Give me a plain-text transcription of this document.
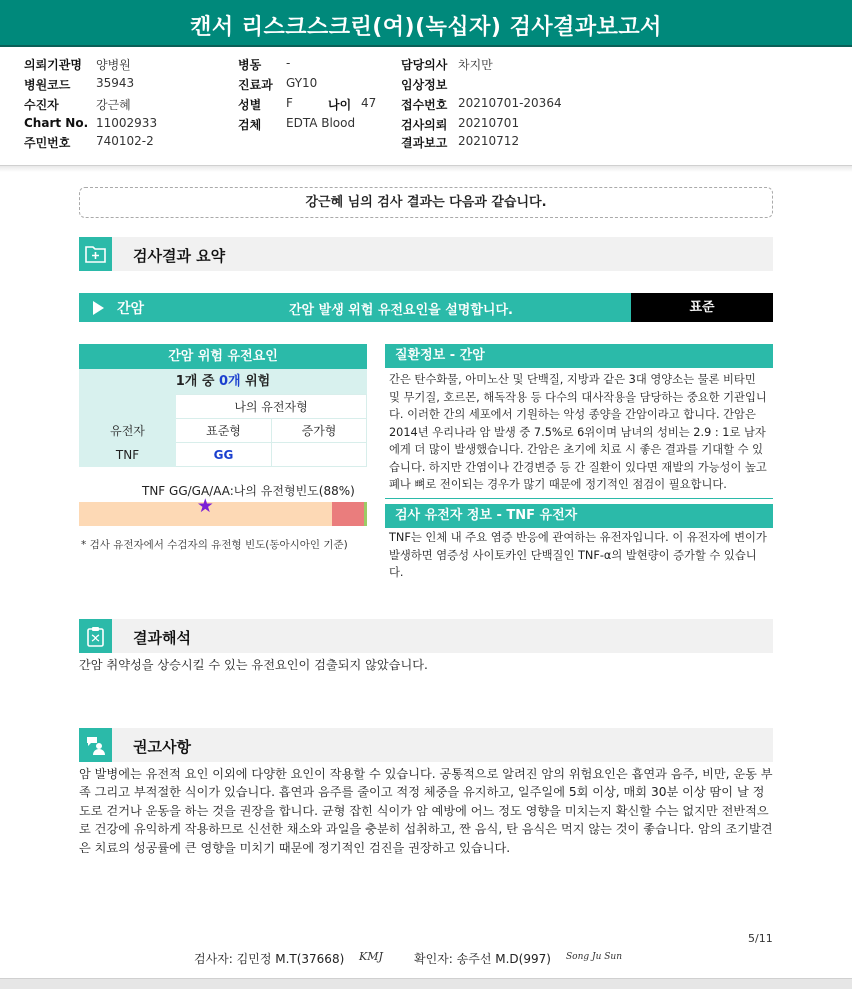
캔서 리스크스크린(여)(녹십자) 검사결과보고서
의뢰기관명 양병원
병원코드 35943
수진자	강근혜
Chart No. 11002933
주민번호 740102-2
병동 -
진료과 GY10
성별 F	나이 47
검체 EDTA Blood
담당의사 차지만
임상정보
접수번호 20210701-20364
검사의뢰 20210701
결과보고 20210712
강근혜 님의 검사 결과는 다음과 같습니다.
검사결과 요약
간암	간암 발생 위험 유전요인을 설명합니다.	표준
간암 위험 유전요인
1개 중 0개 위험
	나의 유전자형	
유전자	표준형	증가형
TNF	GG	
TNF GG/GA/AA:나의 유전형빈도(88%)
★
* 검사 유전자에서 수검자의 유전형 빈도(동아시아인 기준)
질환정보 - 간암
간은 탄수화물, 아미노산 및 단백질, 지방과 같은 3대 영양소는 물론 비타민 및 무기질, 호르몬, 해독작용 등 다수의 대사작용을 담당하는 중요한 기관입니다. 이러한 간의 세포에서 기원하는 악성 종양을 간암이라고 합니다. 간암은 2014년 우리나라 암 발생 중 7.5%로 6위이며 남녀의 성비는 2.9 : 1로 남자에게 더 많이 발생했습니다. 간암은 초기에 치료 시 좋은 결과를 기대할 수 있습니다. 하지만 간염이나 간경변증 등 간 질환이 있다면 재발의 가능성이 높고 폐나 뼈로 전이되는 경우가 많기 때문에 정기적인 점검이 필요합니다.
검사 유전자 정보 - TNF 유전자
TNF는 인체 내 주요 염증 반응에 관여하는 유전자입니다. 이 유전자에 변이가 발생하면 염증성 사이토카인 단백질인 TNF-α의 발현량이 증가할 수 있습니다.
결과해석
간암 취약성을 상승시킬 수 있는 유전요인이 검출되지 않았습니다.
권고사항
암 발병에는 유전적 요인 이외에 다양한 요인이 작용할 수 있습니다. 공통적으로 알려진 암의 위험요인은 흡연과 음주, 비만, 운동 부족 그리고 부적절한 식이가 있습니다. 흡연과 음주를 줄이고 적정 체중을 유지하고, 일주일에 5회 이상, 매회 30분 이상 땀이 날 정도로 걷거나 운동을 하는 것을 권장을 합니다. 균형 잡힌 식이가 암 예방에 어느 정도 영향을 미치는지 확신할 수는 없지만 전반적으로 건강에 유익하게 작용하므로 신선한 채소와 과일을 충분히 섭취하고, 짠 음식, 탄 음식은 먹지 않는 것이 좋습니다. 암의 조기발견은 치료의 성공률에 큰 영향을 미치기 때문에 정기적인 검진을 권장하고 있습니다.
5/11
검사자: 김민정 M.T(37668) KMJ	확인자: 송주선 M.D(997) Song Ju Sun
